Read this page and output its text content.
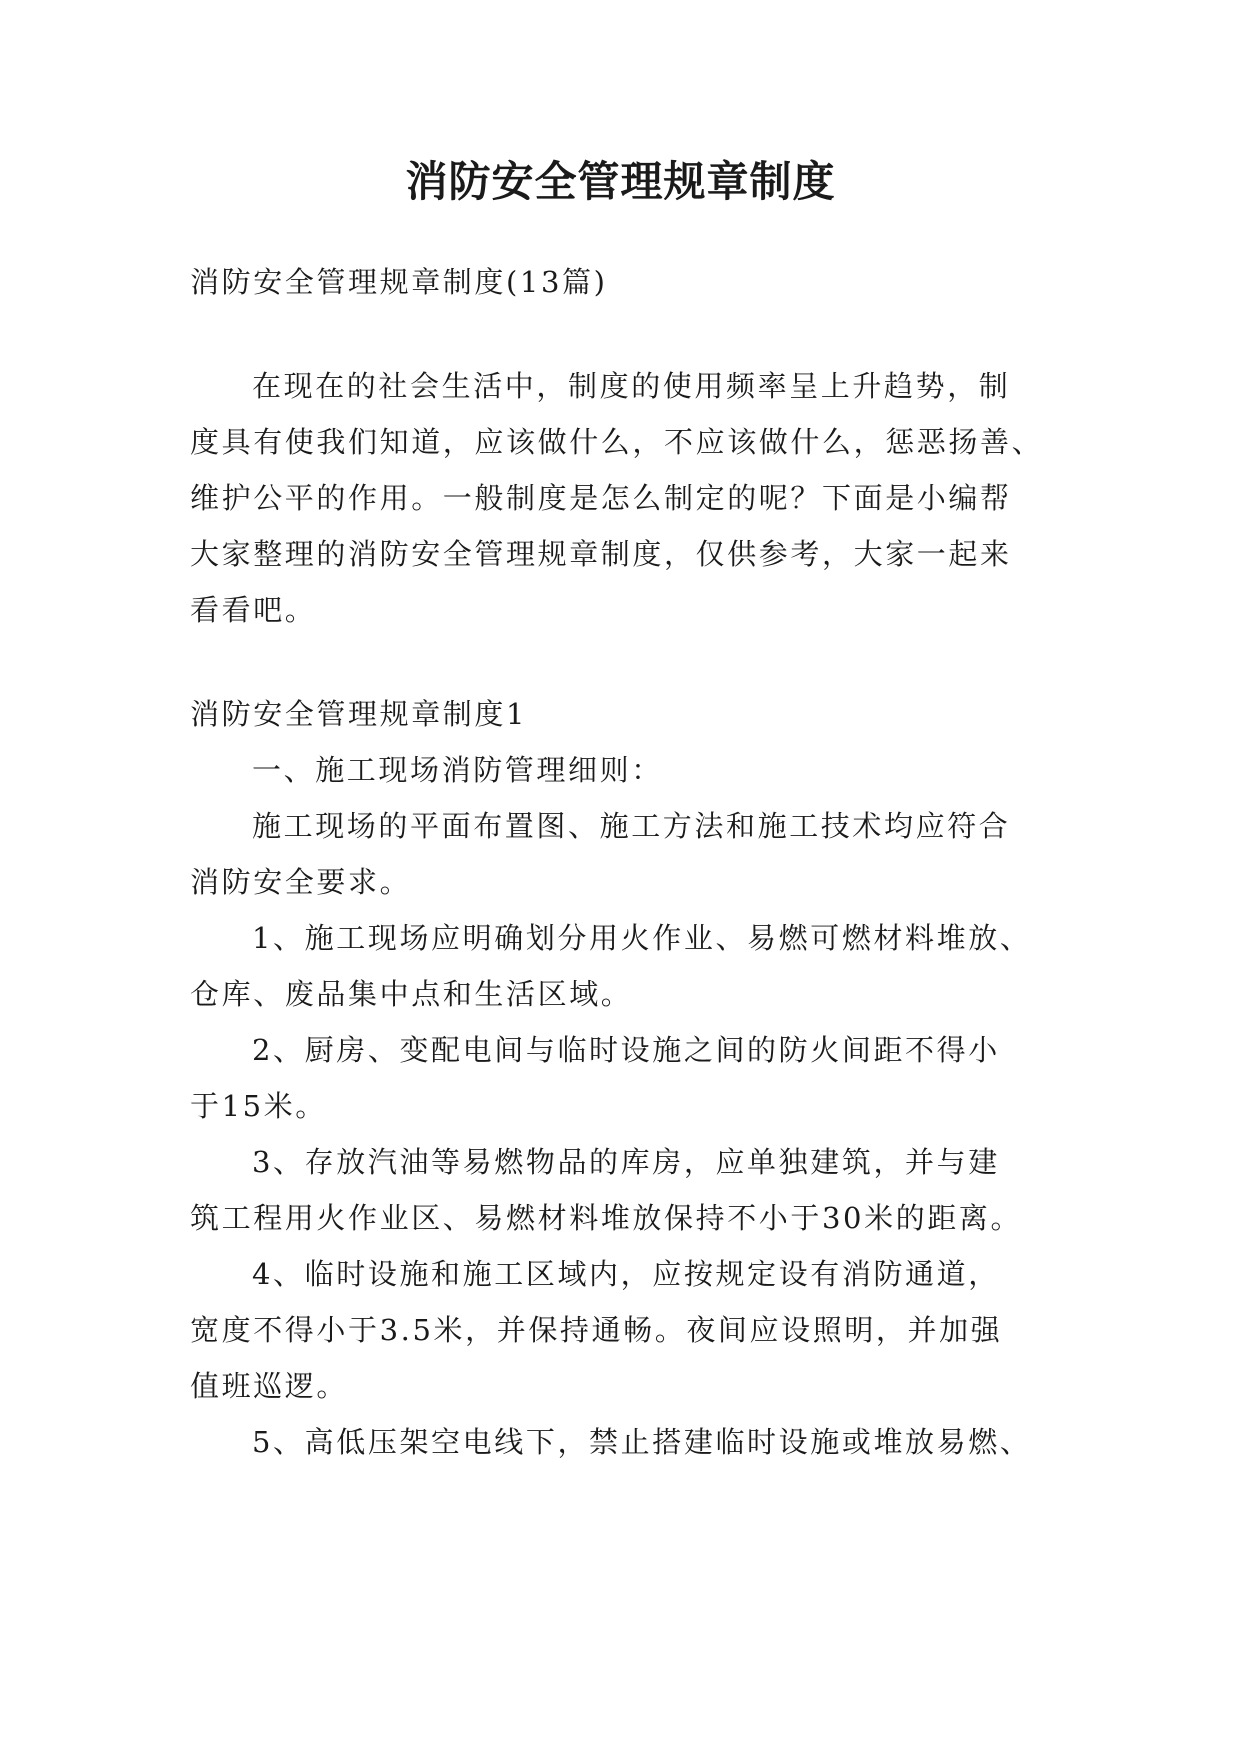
消防安全管理规章制度

消防安全管理规章制度(13篇)

在现在的社会生活中，制度的使用频率呈上升趋势，制

度具有使我们知道，应该做什么，不应该做什么，惩恶扬善、

维护公平的作用。一般制度是怎么制定的呢？下面是小编帮

大家整理的消防安全管理规章制度，仅供参考，大家一起来

看看吧。

消防安全管理规章制度1

一、施工现场消防管理细则：

施工现场的平面布置图、施工方法和施工技术均应符合

消防安全要求。

1、施工现场应明确划分用火作业、易燃可燃材料堆放、

仓库、废品集中点和生活区域。

2、厨房、变配电间与临时设施之间的防火间距不得小

于15米。

3、存放汽油等易燃物品的库房，应单独建筑，并与建

筑工程用火作业区、易燃材料堆放保持不小于30米的距离。

4、临时设施和施工区域内，应按规定设有消防通道，

宽度不得小于3.5米，并保持通畅。夜间应设照明，并加强

值班巡逻。

5、高低压架空电线下，禁止搭建临时设施或堆放易燃、
